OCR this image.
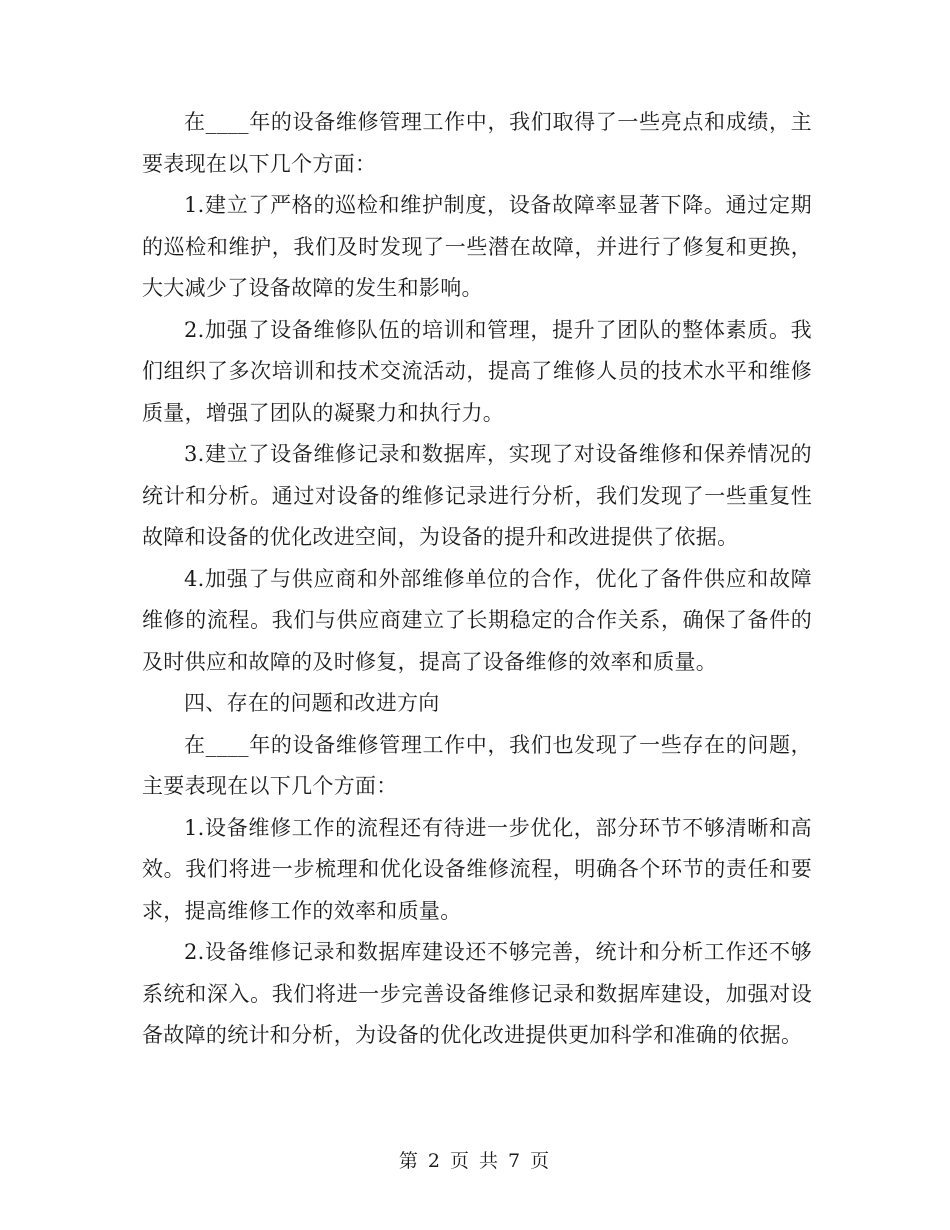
在____年的设备维修管理工作中，我们取得了一些亮点和成绩，主要表现在以下几个方面：

1.建立了严格的巡检和维护制度，设备故障率显著下降。通过定期的巡检和维护，我们及时发现了一些潜在故障，并进行了修复和更换，大大减少了设备故障的发生和影响。

2.加强了设备维修队伍的培训和管理，提升了团队的整体素质。我们组织了多次培训和技术交流活动，提高了维修人员的技术水平和维修质量，增强了团队的凝聚力和执行力。

3.建立了设备维修记录和数据库，实现了对设备维修和保养情况的统计和分析。通过对设备的维修记录进行分析，我们发现了一些重复性故障和设备的优化改进空间，为设备的提升和改进提供了依据。

4.加强了与供应商和外部维修单位的合作，优化了备件供应和故障维修的流程。我们与供应商建立了长期稳定的合作关系，确保了备件的及时供应和故障的及时修复，提高了设备维修的效率和质量。

四、存在的问题和改进方向

在____年的设备维修管理工作中，我们也发现了一些存在的问题，主要表现在以下几个方面：

1.设备维修工作的流程还有待进一步优化，部分环节不够清晰和高效。我们将进一步梳理和优化设备维修流程，明确各个环节的责任和要求，提高维修工作的效率和质量。

2.设备维修记录和数据库建设还不够完善，统计和分析工作还不够系统和深入。我们将进一步完善设备维修记录和数据库建设，加强对设备故障的统计和分析，为设备的优化改进提供更加科学和准确的依据。

第 2 页 共 7 页
